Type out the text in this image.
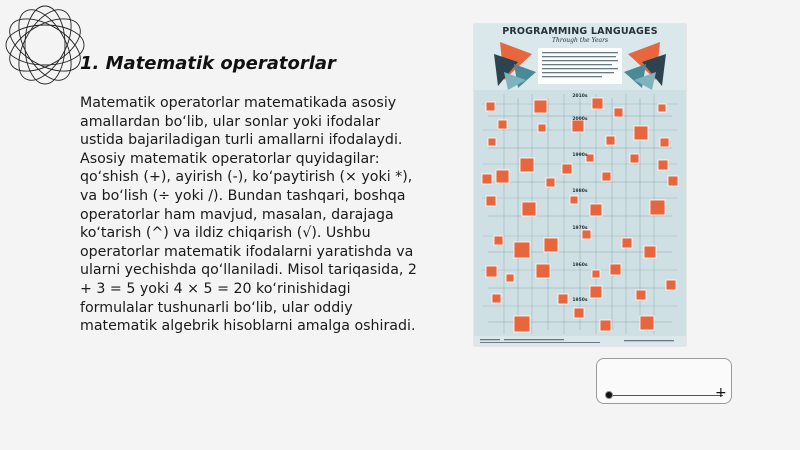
1. Matematik operatorlar

Matematik operatorlar matematikada asosiy amallardan bo‘lib, ular sonlar yoki ifodalar ustida bajariladigan turli amallarni ifodalaydi. Asosiy matematik operatorlar quyidagilar: qo‘shish (+), ayirish (-), ko‘paytirish (× yoki *), va bo‘lish (÷ yoki /). Bundan tashqari, boshqa operatorlar ham mavjud, masalan, darajaga ko‘tarish (^) va ildiz chiqarish (√). Ushbu operatorlar matematik ifodalarni yaratishda va ularni yechishda qo‘llaniladi. Misol tariqasida, 2 + 3 = 5 yoki 4 × 5 = 20 ko‘rinishidagi formulalar tushunarli bo‘lib, ular oddiy matematik algebrik hisoblarni amalga oshiradi.

PROGRAMMING LANGUAGES
Through the Years
2010s
2000s
1990s
1980s
1970s
1960s
1950s
+
